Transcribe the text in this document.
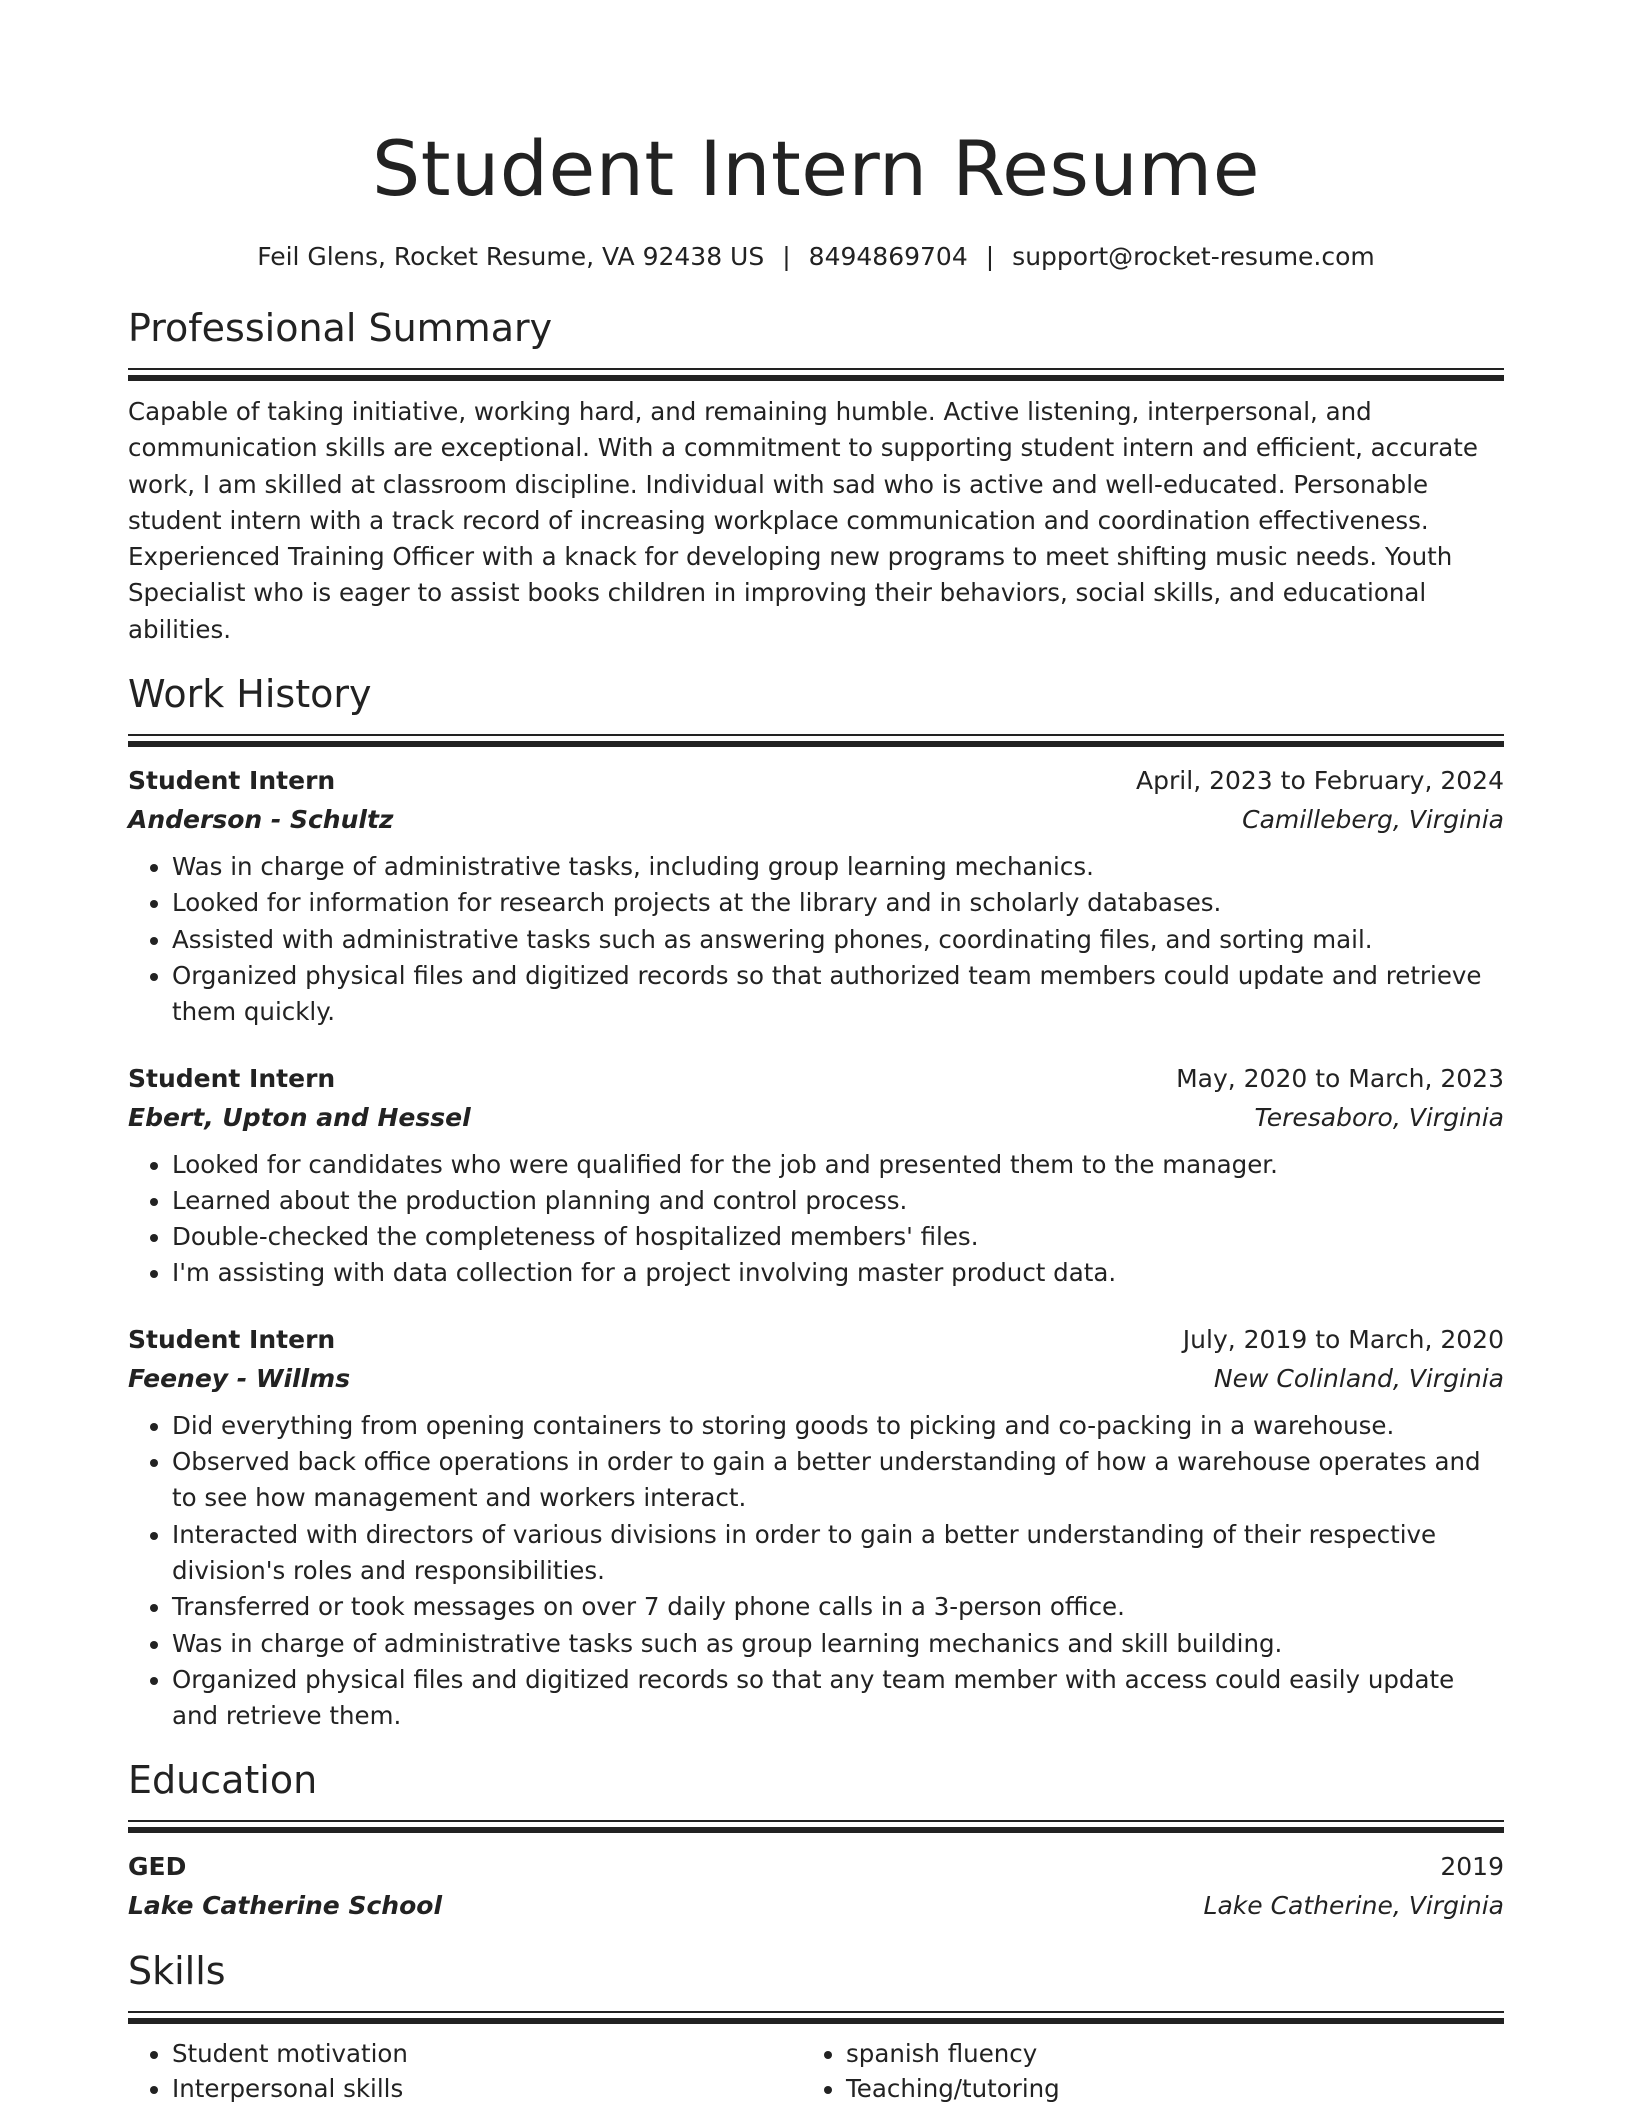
Student Intern Resume
Feil Glens, Rocket Resume, VA 92438 US | 8494869704 | support@rocket-resume.com
Professional Summary

Capable of taking initiative, working hard, and remaining humble. Active listening, interpersonal, and communication skills are exceptional. With a commitment to supporting student intern and efficient, accurate work, I am skilled at classroom discipline. Individual with sad who is active and well-educated. Personable student intern with a track record of increasing workplace communication and coordination effectiveness. Experienced Training Officer with a knack for developing new programs to meet shifting music needs. Youth Specialist who is eager to assist books children in improving their behaviors, social skills, and educational abilities.

Work History
Student Intern	April, 2023 to February, 2024
Anderson - Schultz	Camilleberg, Virginia
• Was in charge of administrative tasks, including group learning mechanics.
• Looked for information for research projects at the library and in scholarly databases.
• Assisted with administrative tasks such as answering phones, coordinating files, and sorting mail.
• Organized physical files and digitized records so that authorized team members could update and retrieve them quickly.
Student Intern	May, 2020 to March, 2023
Ebert, Upton and Hessel	Teresaboro, Virginia
• Looked for candidates who were qualified for the job and presented them to the manager.
• Learned about the production planning and control process.
• Double-checked the completeness of hospitalized members' files.
• I'm assisting with data collection for a project involving master product data.
Student Intern	July, 2019 to March, 2020
Feeney - Willms	New Colinland, Virginia
• Did everything from opening containers to storing goods to picking and co-packing in a warehouse.
• Observed back office operations in order to gain a better understanding of how a warehouse operates and to see how management and workers interact.
• Interacted with directors of various divisions in order to gain a better understanding of their respective division's roles and responsibilities.
• Transferred or took messages on over 7 daily phone calls in a 3-person office.
• Was in charge of administrative tasks such as group learning mechanics and skill building.
• Organized physical files and digitized records so that any team member with access could easily update and retrieve them.
Education
GED	2019
Lake Catherine School	Lake Catherine, Virginia
Skills
• Student motivation
• Interpersonal skills
• spanish fluency
• Teaching/tutoring
